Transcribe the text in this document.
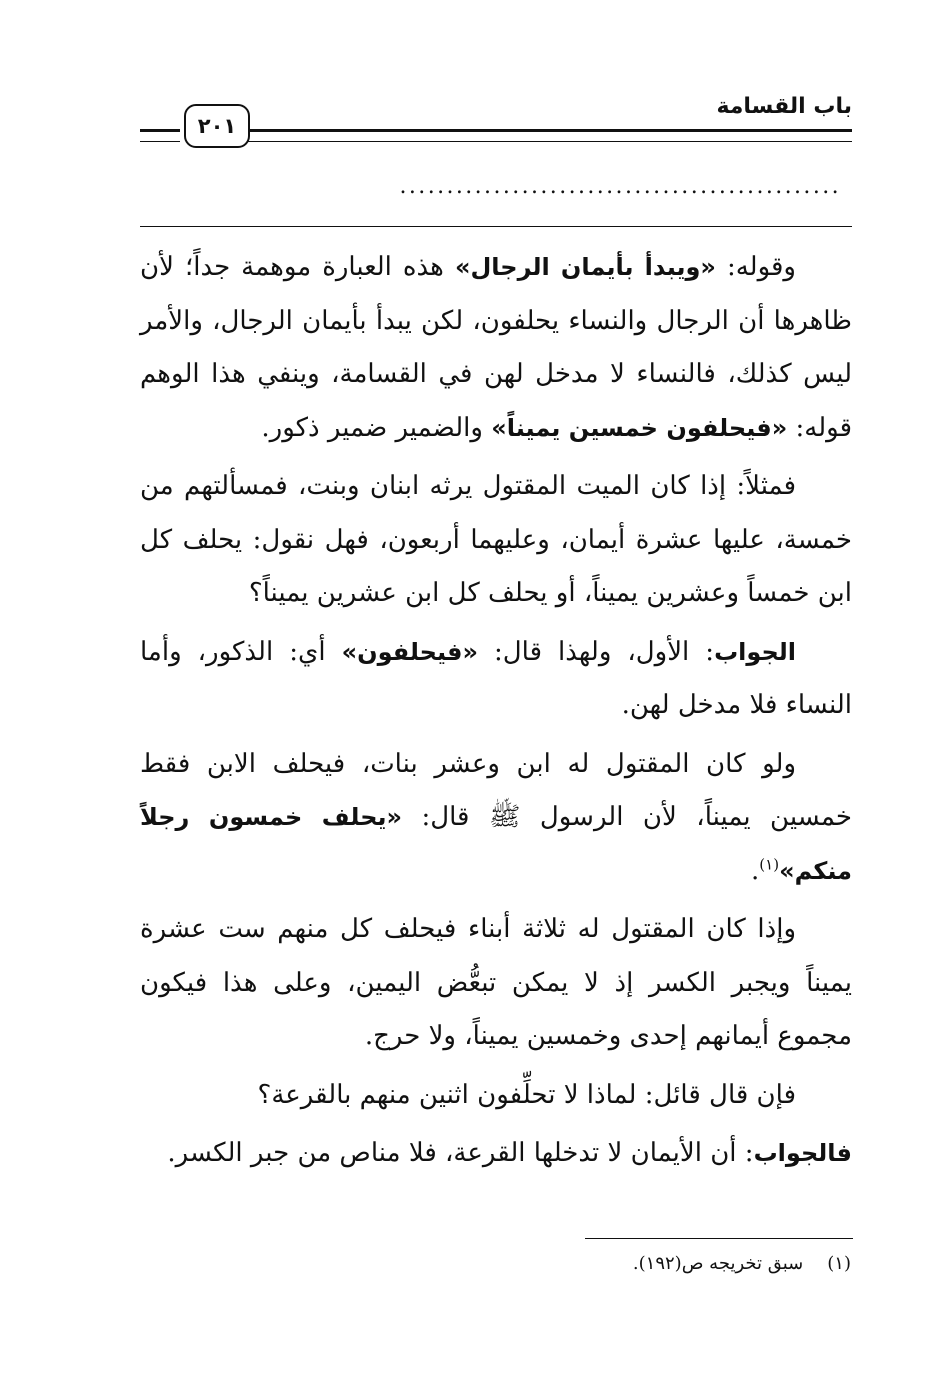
باب القسامة
٢٠١
...............................................

وقوله: «ويبدأ بأيمان الرجال» هذه العبارة موهمة جداً؛ لأن ظاهرها أن الرجال والنساء يحلفون، لكن يبدأ بأيمان الرجال، والأمر ليس كذلك، فالنساء لا مدخل لهن في القسامة، وينفي هذا الوهم قوله: «فيحلفون خمسين يميناً» والضمير ضمير ذكور.

فمثلاً: إذا كان الميت المقتول يرثه ابنان وبنت، فمسألتهم من خمسة، عليها عشرة أيمان، وعليهما أربعون، فهل نقول: يحلف كل ابن خمساً وعشرين يميناً، أو يحلف كل ابن عشرين يميناً؟

الجواب: الأول، ولهذا قال: «فيحلفون» أي: الذكور، وأما النساء فلا مدخل لهن.

ولو كان المقتول له ابن وعشر بنات، فيحلف الابن فقط خمسين يميناً، لأن الرسول ﷺ قال: «يحلف خمسون رجلاً منكم»$^{(١)}$.

وإذا كان المقتول له ثلاثة أبناء فيحلف كل منهم ست عشرة يميناً ويجبر الكسر إذ لا يمكن تبعُّض اليمين، وعلى هذا فيكون مجموع أيمانهم إحدى وخمسين يميناً، ولا حرج.

فإن قال قائل: لماذا لا تحلِّفون اثنين منهم بالقرعة؟

فالجواب: أن الأيمان لا تدخلها القرعة، فلا مناص من جبر الكسر.

(١)سبق تخريجه ص(١٩٢).
